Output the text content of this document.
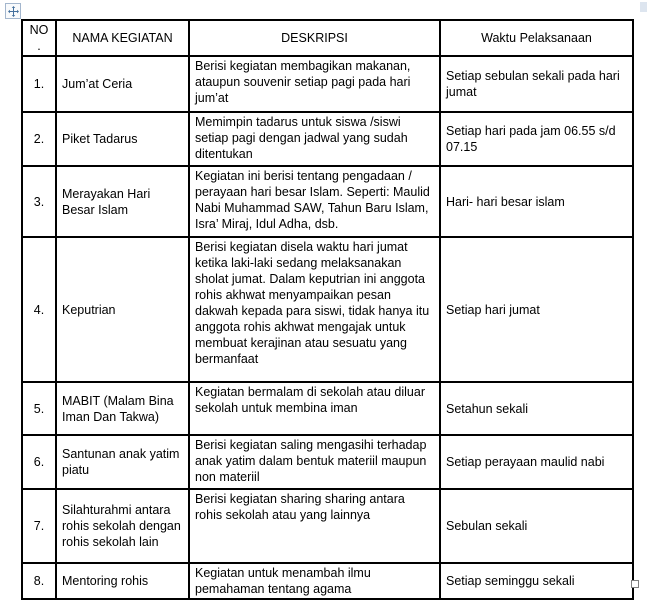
NO.	NAMA KEGIATAN	DESKRIPSI	Waktu Pelaksanaan
1.	Jum’at Ceria	Berisi kegiatan membagikan makanan, ataupun souvenir setiap pagi pada hari jum’at	Setiap sebulan sekali pada hari jumat
2.	Piket Tadarus	Memimpin tadarus untuk siswa /siswi setiap pagi dengan jadwal yang sudah ditentukan	Setiap hari pada jam 06.55 s/d 07.15
3.	Merayakan Hari Besar Islam	Kegiatan ini berisi tentang pengadaan / perayaan hari besar Islam. Seperti: Maulid Nabi Muhammad SAW, Tahun Baru Islam, Isra’ Miraj, Idul Adha, dsb.	Hari- hari besar islam
4.	Keputrian	Berisi kegiatan disela waktu hari jumat ketika laki-laki sedang melaksanakan sholat jumat. Dalam keputrian ini anggota rohis akhwat menyampaikan pesan dakwah kepada para siswi, tidak hanya itu anggota rohis akhwat mengajak untuk membuat kerajinan atau sesuatu yang bermanfaat	Setiap hari jumat
5.	MABIT (Malam Bina Iman Dan Takwa)	Kegiatan bermalam di sekolah atau diluar sekolah untuk membina iman	Setahun sekali
6.	Santunan anak yatim piatu	Berisi kegiatan saling mengasihi terhadap anak yatim dalam bentuk materiil maupun non materiil	Setiap perayaan maulid nabi
7.	Silahturahmi antara rohis sekolah dengan rohis sekolah lain	Berisi kegiatan sharing sharing antara rohis sekolah atau yang lainnya	Sebulan sekali
8.	Mentoring rohis	Kegiatan untuk menambah ilmu pemahaman tentang agama	Setiap seminggu sekali
